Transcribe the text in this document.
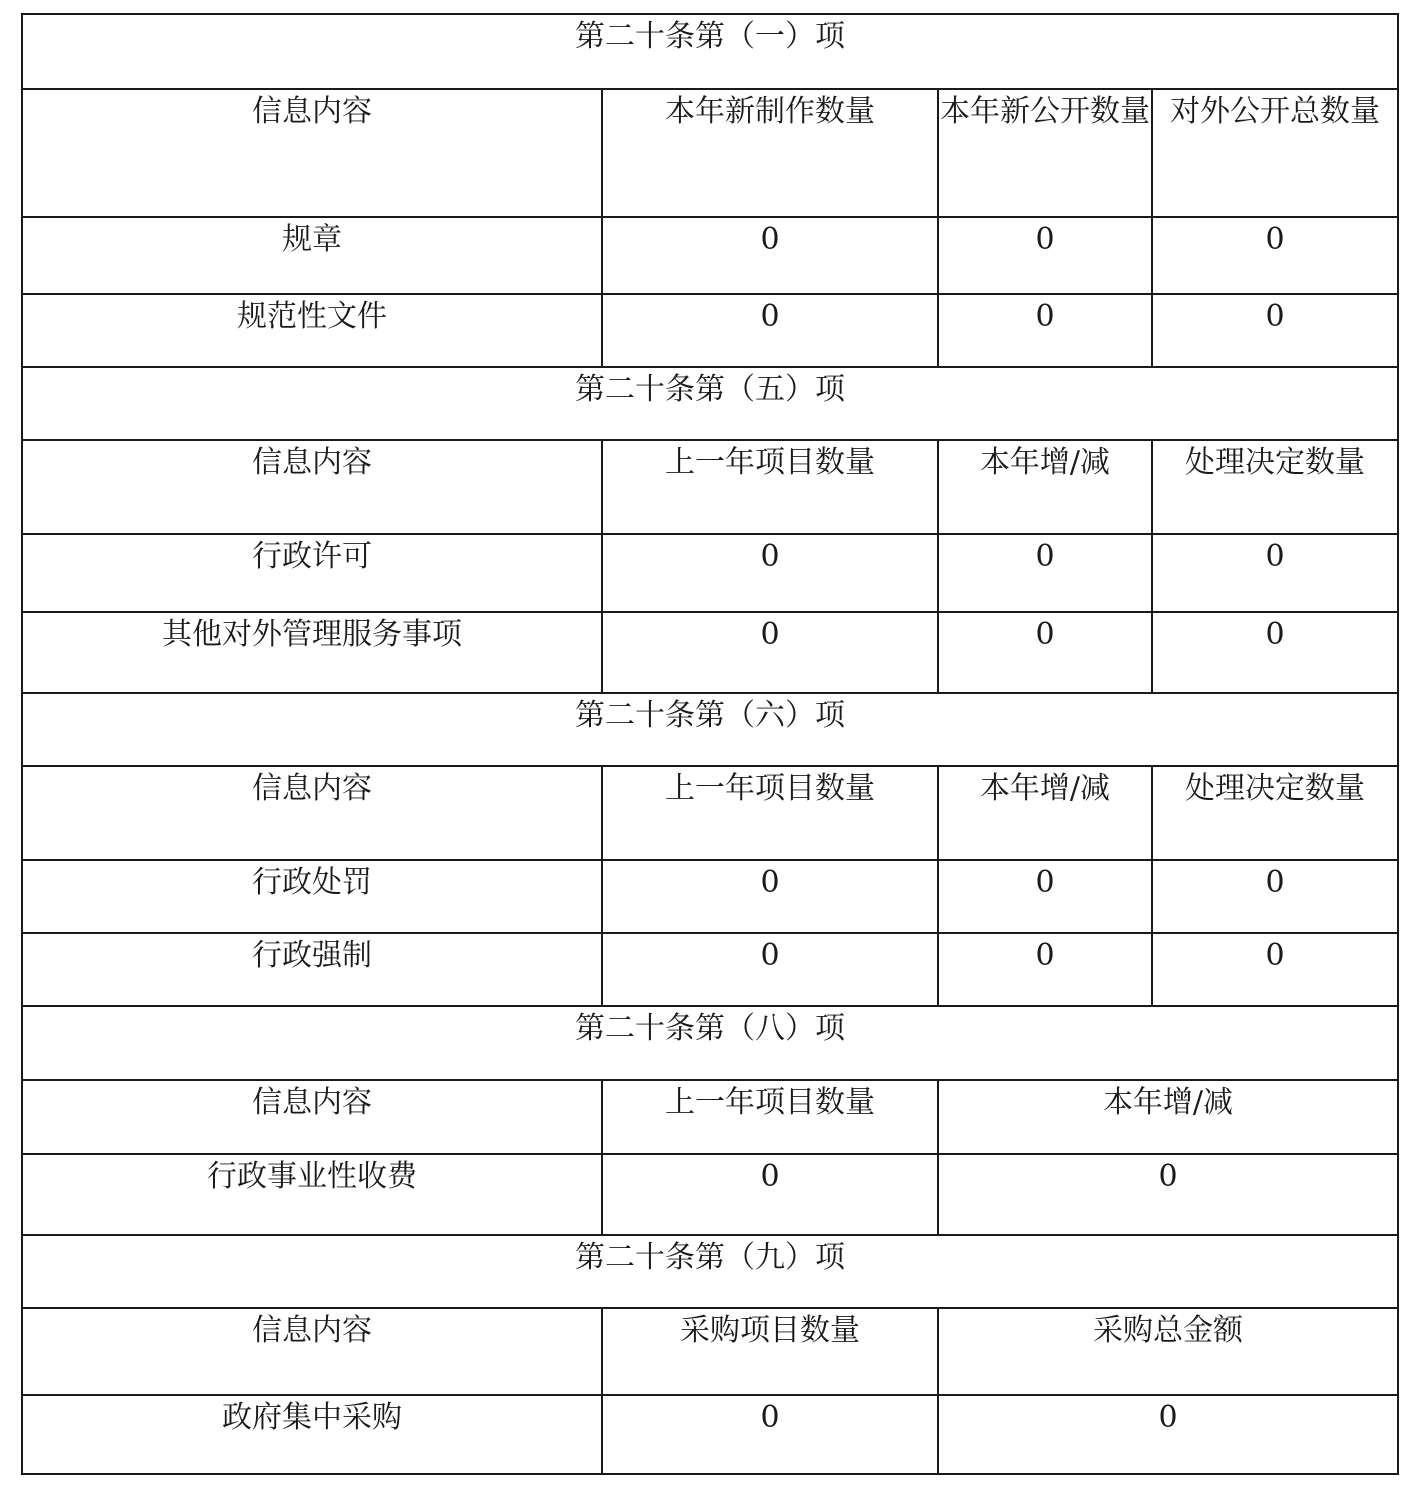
第二十条第（一）项			
信息内容	本年新制作数量	本年新公开数量	对外公开总数量
规章	0	0	0
规范性文件	0	0	0
第二十条第（五）项			
信息内容	上一年项目数量	本年增/减	处理决定数量
行政许可	0	0	0
其他对外管理服务事项	0	0	0
第二十条第（六）项			
信息内容	上一年项目数量	本年增/减	处理决定数量
行政处罚	0	0	0
行政强制	0	0	0
第二十条第（八）项			
信息内容	上一年项目数量	本年增/减	
行政事业性收费	0	0	
第二十条第（九）项			
信息内容	采购项目数量	采购总金额	
政府集中采购	0	0	
